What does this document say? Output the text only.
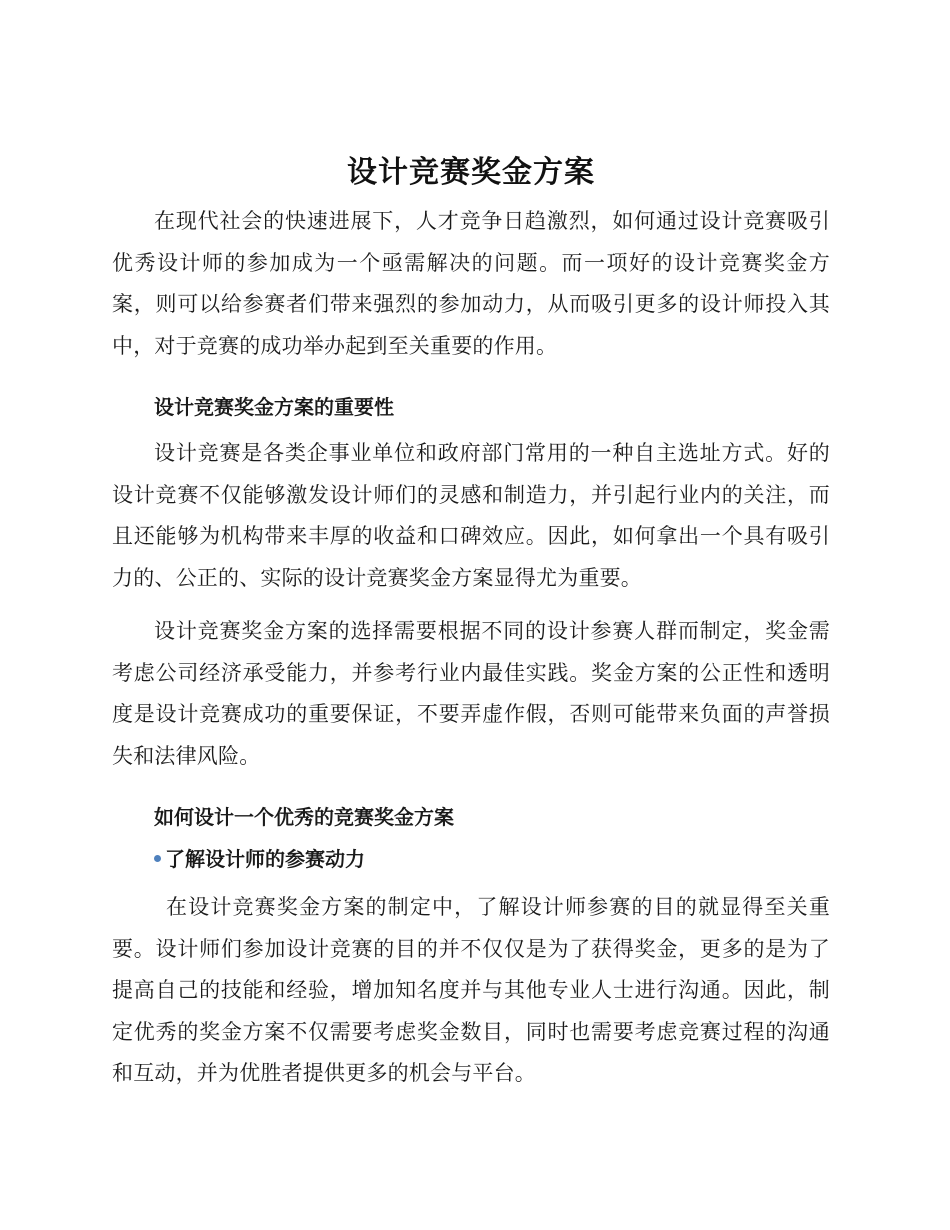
设计竞赛奖金方案

在现代社会的快速进展下，人才竞争日趋激烈，如何通过设计竞赛吸引优秀设计师的参加成为一个亟需解决的问题。而一项好的设计竞赛奖金方案，则可以给参赛者们带来强烈的参加动力，从而吸引更多的设计师投入其中，对于竞赛的成功举办起到至关重要的作用。

设计竞赛奖金方案的重要性

设计竞赛是各类企事业单位和政府部门常用的一种自主选址方式。好的设计竞赛不仅能够激发设计师们的灵感和制造力，并引起行业内的关注，而且还能够为机构带来丰厚的收益和口碑效应。因此，如何拿出一个具有吸引力的、公正的、实际的设计竞赛奖金方案显得尤为重要。

设计竞赛奖金方案的选择需要根据不同的设计参赛人群而制定，奖金需考虑公司经济承受能力，并参考行业内最佳实践。奖金方案的公正性和透明度是设计竞赛成功的重要保证，不要弄虚作假，否则可能带来负面的声誉损失和法律风险。

如何设计一个优秀的竞赛奖金方案
了解设计师的参赛动力

在设计竞赛奖金方案的制定中，了解设计师参赛的目的就显得至关重要。设计师们参加设计竞赛的目的并不仅仅是为了获得奖金，更多的是为了提高自己的技能和经验，增加知名度并与其他专业人士进行沟通。因此，制定优秀的奖金方案不仅需要考虑奖金数目，同时也需要考虑竞赛过程的沟通和互动，并为优胜者提供更多的机会与平台。
